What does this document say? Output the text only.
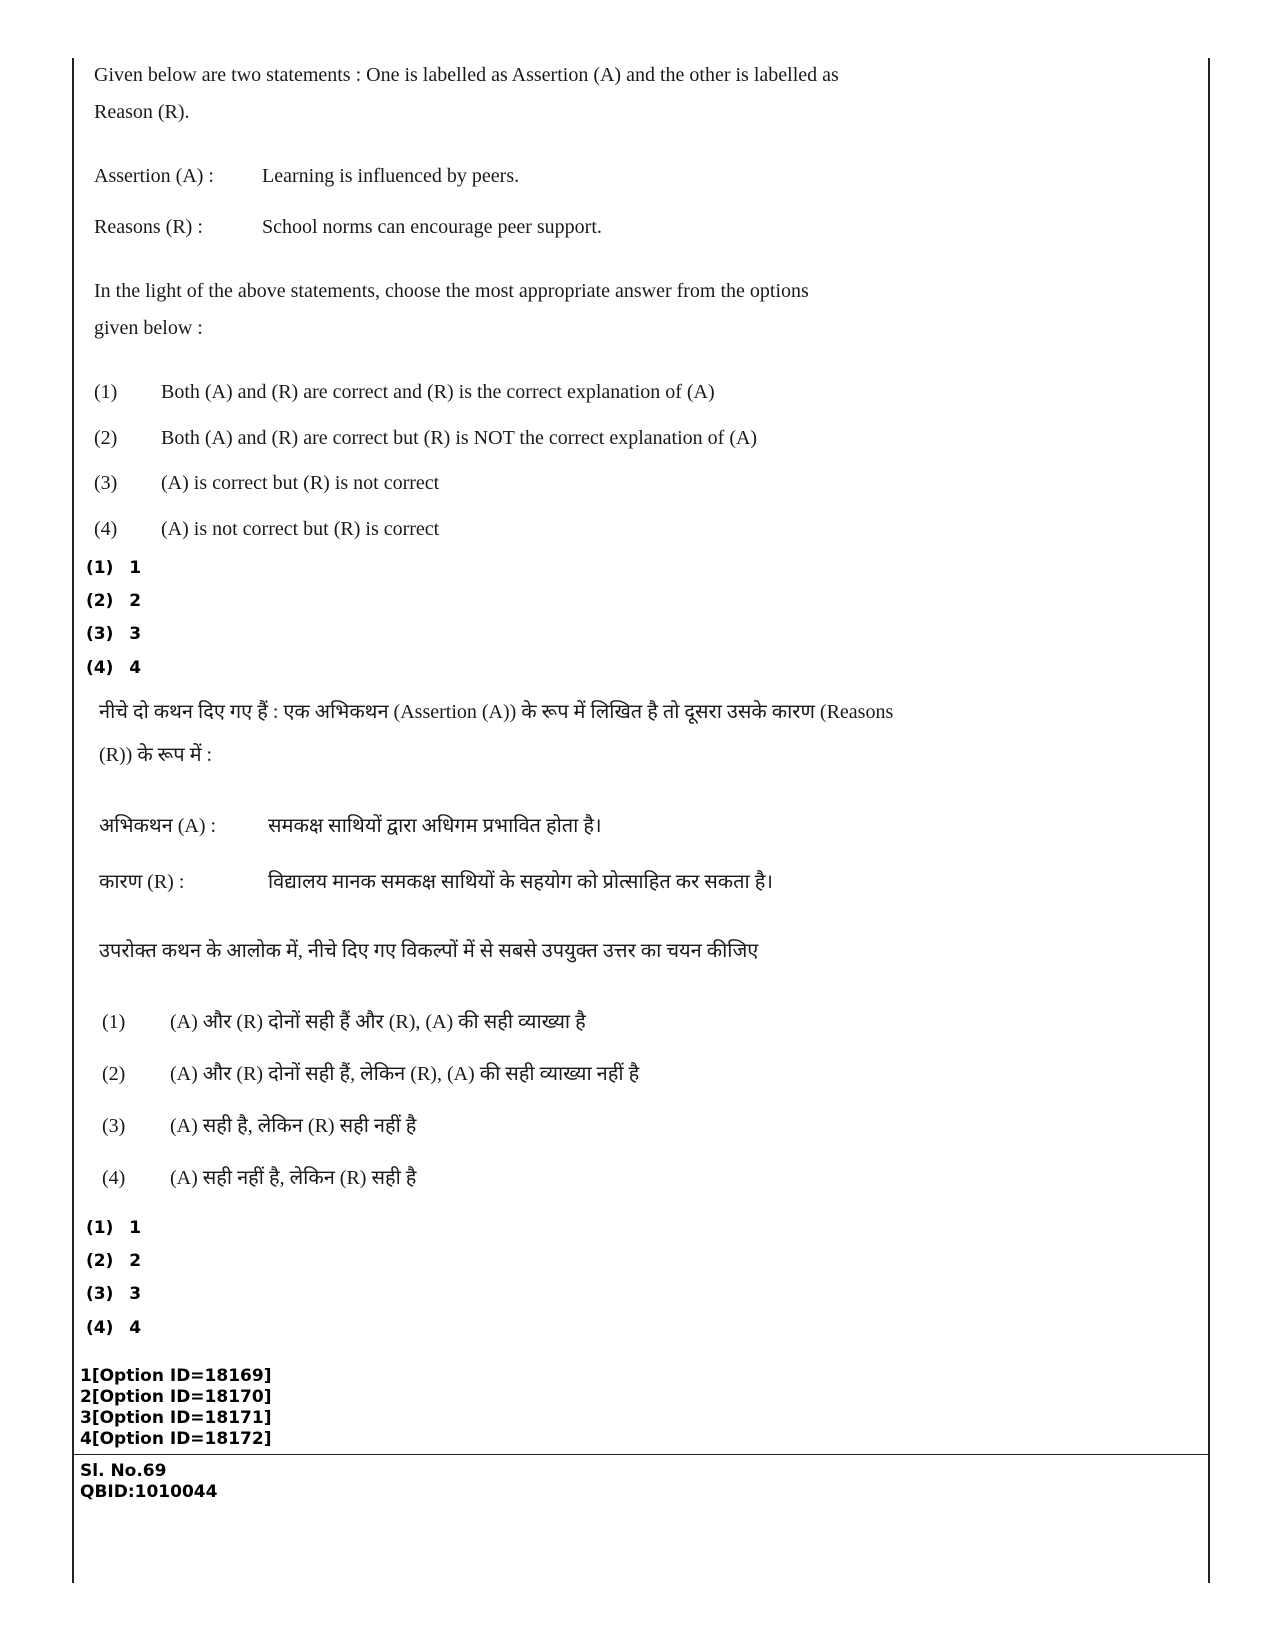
Given below are two statements : One is labelled as Assertion (A) and the other is labelled as
Reason (R).
Assertion (A) : Learning is influenced by peers.
Reasons (R) :	School norms can encourage peer support.
In the light of the above statements, choose the most appropriate answer from the options
given below :
(1) Both (A) and (R) are correct and (R) is the correct explanation of (A)
(2) Both (A) and (R) are correct but (R) is NOT the correct explanation of (A)
(3) (A) is correct but (R) is not correct
(4) (A) is not correct but (R) is correct
(1) 1
(2) 2
(3) 3
(4) 4
नीचे दो कथन दिए गए हैं : एक अभिकथन (Assertion (A)) के रूप में लिखित है तो दूसरा उसके कारण (Reasons
(R)) के रूप में :
अभिकथन (A) :	समकक्ष साथियों द्वारा अधिगम प्रभावित होता है।
कारण (R) :	विद्यालय मानक समकक्ष साथियों के सहयोग को प्रोत्साहित कर सकता है।
उपरोक्त कथन के आलोक में, नीचे दिए गए विकल्पों में से सबसे उपयुक्त उत्तर का चयन कीजिए
(1) (A) और (R) दोनों सही हैं और (R), (A) की सही व्याख्या है
(2) (A) और (R) दोनों सही हैं, लेकिन (R), (A) की सही व्याख्या नहीं है
(3) (A) सही है, लेकिन (R) सही नहीं है
(4) (A) सही नहीं है, लेकिन (R) सही है
(1) 1
(2) 2
(3) 3
(4) 4
1[Option ID=18169]
2[Option ID=18170]
3[Option ID=18171]
4[Option ID=18172]
Sl. No.69
QBID:1010044
